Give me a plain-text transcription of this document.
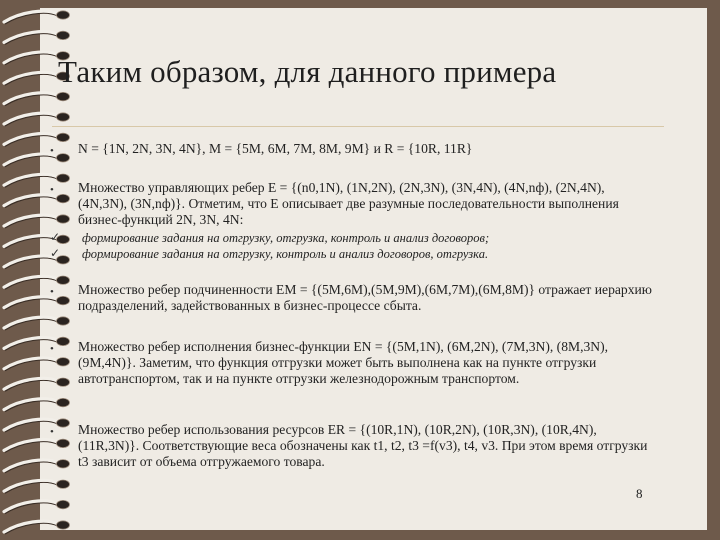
Таким образом, для данного примера
• N = {1N, 2N, 3N, 4N}, M = {5M, 6M, 7M, 8M, 9M} и R = {10R, 11R}
• Множество управляющих ребер E = {(n0,1N), (1N,2N), (2N,3N), (3N,4N), (4N,nф), (2N,4N), (4N,3N), (3N,nф)}. Отметим, что E описывает две разумные последовательности выполнения бизнес-функций 2N, 3N, 4N:
✓ формирование задания на отгрузку, отгрузка, контроль и анализ договоров;
✓ формирование задания на отгрузку, контроль и анализ договоров, отгрузка.
• Множество ребер подчиненности EM = {(5M,6M),(5M,9M),(6M,7M),(6M,8M)} отражает иерархию подразделений, задействованных в бизнес-процессе сбыта.
• Множество ребер исполнения бизнес-функции EN = {(5M,1N), (6M,2N), (7M,3N), (8M,3N), (9M,4N)}. Заметим, что функция отгрузки может быть выполнена как на пункте отгрузки автотранспортом, так и на пункте отгрузки железнодорожным транспортом.
• Множество ребер использования ресурсов ER = {(10R,1N), (10R,2N), (10R,3N), (10R,4N), (11R,3N)}. Соответствующие веса обозначены как t1, t2, t3 =f(v3), t4, v3. При этом время отгрузки t3 зависит от объема отгружаемого товара.
8
